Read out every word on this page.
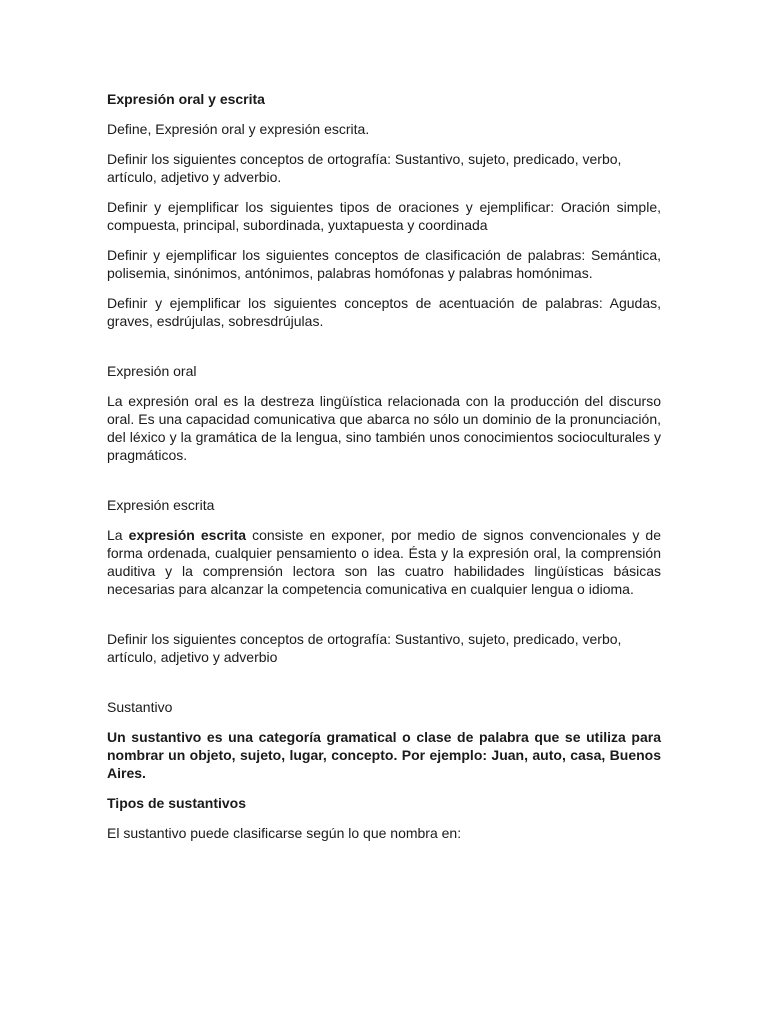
Expresión oral y escrita

Define, Expresión oral y expresión escrita.

Definir los siguientes conceptos de ortografía: Sustantivo, sujeto, predicado, verbo, artículo, adjetivo y adverbio.

Definir y ejemplificar los siguientes tipos de oraciones y ejemplificar: Oración simple, compuesta, principal, subordinada, yuxtapuesta y coordinada

Definir y ejemplificar los siguientes conceptos de clasificación de palabras: Semántica, polisemia, sinónimos, antónimos, palabras homófonas y palabras homónimas.

Definir y ejemplificar los siguientes conceptos de acentuación de palabras: Agudas, graves, esdrújulas, sobresdrújulas.

Expresión oral

La expresión oral es la destreza lingüística relacionada con la producción del discurso oral. Es una capacidad comunicativa que abarca no sólo un dominio de la pronunciación, del léxico y la gramática de la lengua, sino también unos conocimientos socioculturales y pragmáticos.

Expresión escrita

La expresión escrita consiste en exponer, por medio de signos convencionales y de forma ordenada, cualquier pensamiento o idea. Ésta y la expresión oral, la comprensión auditiva y la comprensión lectora son las cuatro habilidades lingüísticas básicas necesarias para alcanzar la competencia comunicativa en cualquier lengua o idioma.

Definir los siguientes conceptos de ortografía: Sustantivo, sujeto, predicado, verbo, artículo, adjetivo y adverbio

Sustantivo

Un sustantivo es una categoría gramatical o clase de palabra que se utiliza para nombrar un objeto, sujeto, lugar, concepto. Por ejemplo: Juan, auto, casa, Buenos Aires.

Tipos de sustantivos

El sustantivo puede clasificarse según lo que nombra en:
